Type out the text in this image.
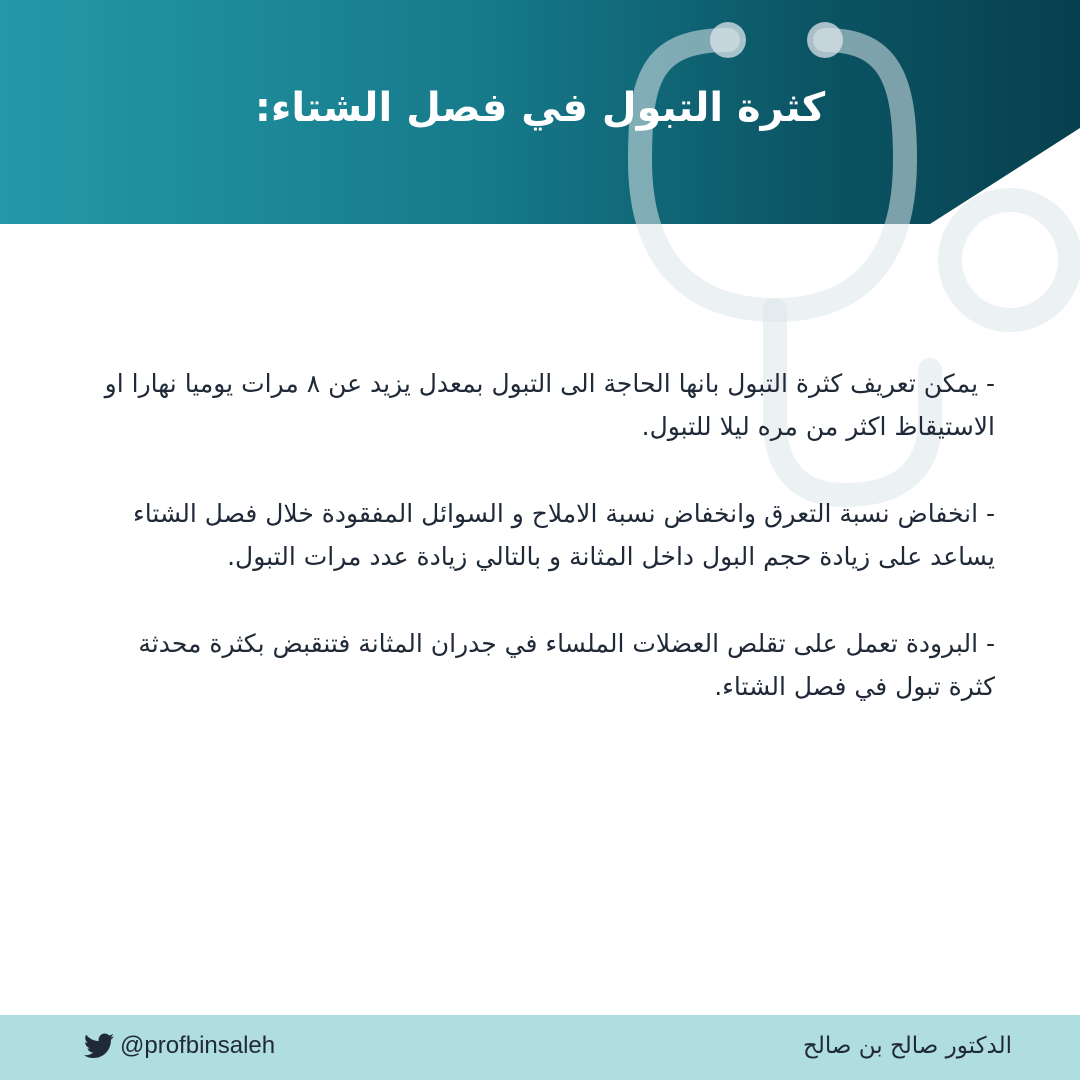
كثرة التبول في فصل الشتاء:

- يمكن تعريف كثرة التبول بانها الحاجة الى التبول بمعدل يزيد عن ٨ مرات يوميا نهارا او الاستيقاظ اكثر من مره ليلا للتبول.

- انخفاض نسبة التعرق وانخفاض نسبة الاملاح و السوائل المفقودة خلال فصل الشتاء يساعد على زيادة حجم البول داخل المثانة و بالتالي زيادة عدد مرات التبول.

- البرودة تعمل على تقلص العضلات الملساء في جدران المثانة فتنقبض بكثرة محدثة كثرة تبول في فصل الشتاء.

@profbinsaleh	الدكتور صالح بن صالح
